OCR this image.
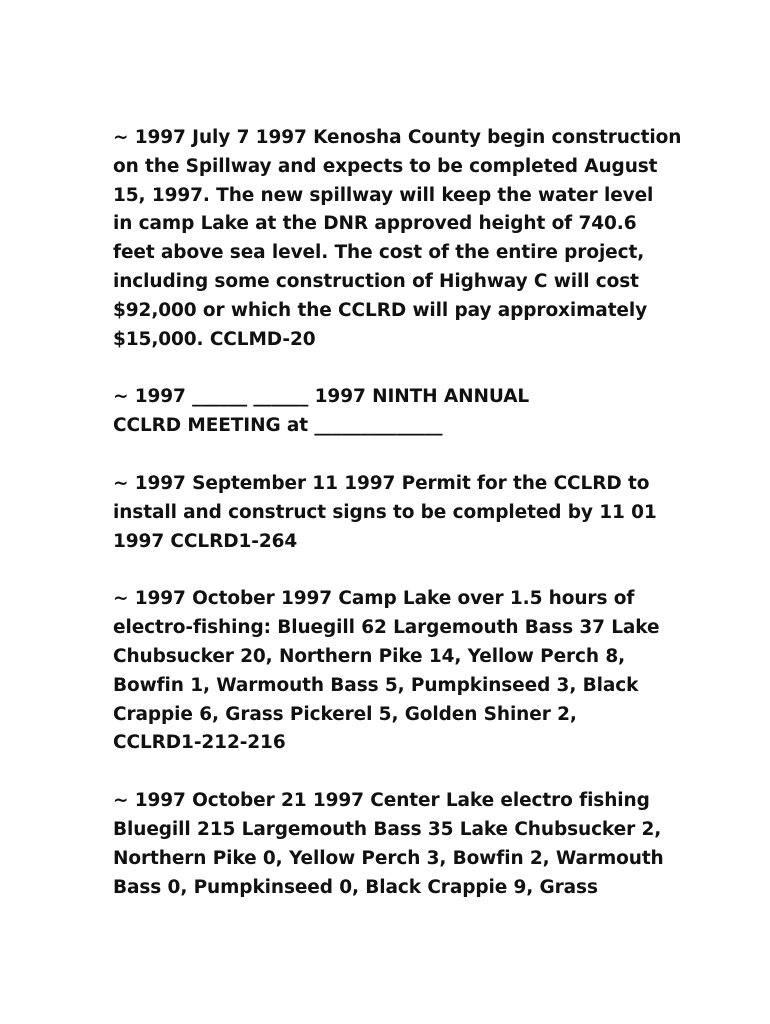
~ 1997 July 7 1997 Kenosha County begin construction
on the Spillway and expects to be completed August
15, 1997. The new spillway will keep the water level
in camp Lake at the DNR approved height of 740.6
feet above sea level. The cost of the entire project,
including some construction of Highway C will cost
$92,000 or which the CCLRD will pay approximately
$15,000. CCLMD-20
~ 1997 ______ ______ 1997 NINTH ANNUAL
CCLRD MEETING at ______________
~ 1997 September 11 1997 Permit for the CCLRD to
install and construct signs to be completed by 11 01
1997 CCLRD1-264
~ 1997 October 1997 Camp Lake over 1.5 hours of
electro-fishing: Bluegill 62 Largemouth Bass 37 Lake
Chubsucker 20, Northern Pike 14, Yellow Perch 8,
Bowfin 1, Warmouth Bass 5, Pumpkinseed 3, Black
Crappie 6, Grass Pickerel 5, Golden Shiner 2,
CCLRD1-212-216
~ 1997 October 21 1997 Center Lake electro fishing
Bluegill 215 Largemouth Bass 35 Lake Chubsucker 2,
Northern Pike 0, Yellow Perch 3, Bowfin 2, Warmouth
Bass 0, Pumpkinseed 0, Black Crappie 9, Grass
